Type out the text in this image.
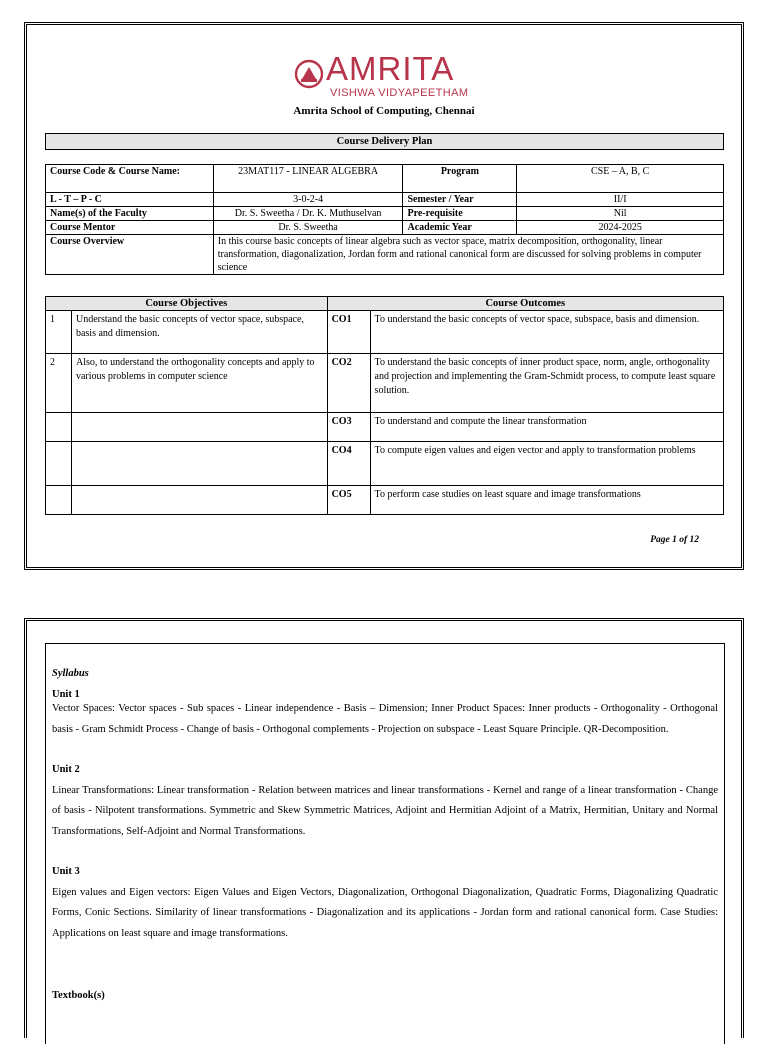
AMRITA
VISHWA VIDYAPEETHAM
Amrita School of Computing, Chennai
Course Delivery Plan
Course Code & Course Name:	23MAT117 - LINEAR ALGEBRA	Program	CSE – A, B, C
L - T – P - C	3-0-2-4	Semester / Year	II/I
Name(s) of the Faculty	Dr. S. Sweetha / Dr. K. Muthuselvan	Pre-requisite	Nil
Course Mentor	Dr. S. Sweetha	Academic Year	2024-2025
Course Overview	In this course basic concepts of linear algebra such as vector space, matrix decomposition, orthogonality, linear transformation, diagonalization, Jordan form and rational canonical form are discussed for solving problems in computer science		
Course Objectives		Course Outcomes	
1	Understand the basic concepts of vector space, subspace, basis and dimension.	CO1	To understand the basic concepts of vector space, subspace, basis and dimension.
2	Also, to understand the orthogonality concepts and apply to various problems in computer science	CO2	To understand the basic concepts of inner product space, norm, angle, orthogonality and projection and implementing the Gram-Schmidt process, to compute least square solution.
		CO3	To understand and compute the linear transformation
		CO4	To compute eigen values and eigen vector and apply to transformation problems
		CO5	To perform case studies on least square and image transformations
Page 1 of 12
Syllabus
Unit 1
Vector Spaces: Vector spaces - Sub spaces - Linear independence - Basis – Dimension; Inner Product Spaces: Inner products - Orthogonality - Orthogonal basis - Gram Schmidt Process - Change of basis - Orthogonal complements - Projection on subspace - Least Square Principle. QR-Decomposition.
Unit 2
Linear Transformations: Linear transformation - Relation between matrices and linear transformations - Kernel and range of a linear transformation - Change of basis - Nilpotent transformations. Symmetric and Skew Symmetric Matrices, Adjoint and Hermitian Adjoint of a Matrix, Hermitian, Unitary and Normal Transformations, Self-Adjoint and Normal Transformations.
Unit 3
Eigen values and Eigen vectors: Eigen Values and Eigen Vectors, Diagonalization, Orthogonal Diagonalization, Quadratic Forms, Diagonalizing Quadratic Forms, Conic Sections. Similarity of linear transformations - Diagonalization and its applications - Jordan form and rational canonical form. Case Studies: Applications on least square and image transformations.
Textbook(s)
